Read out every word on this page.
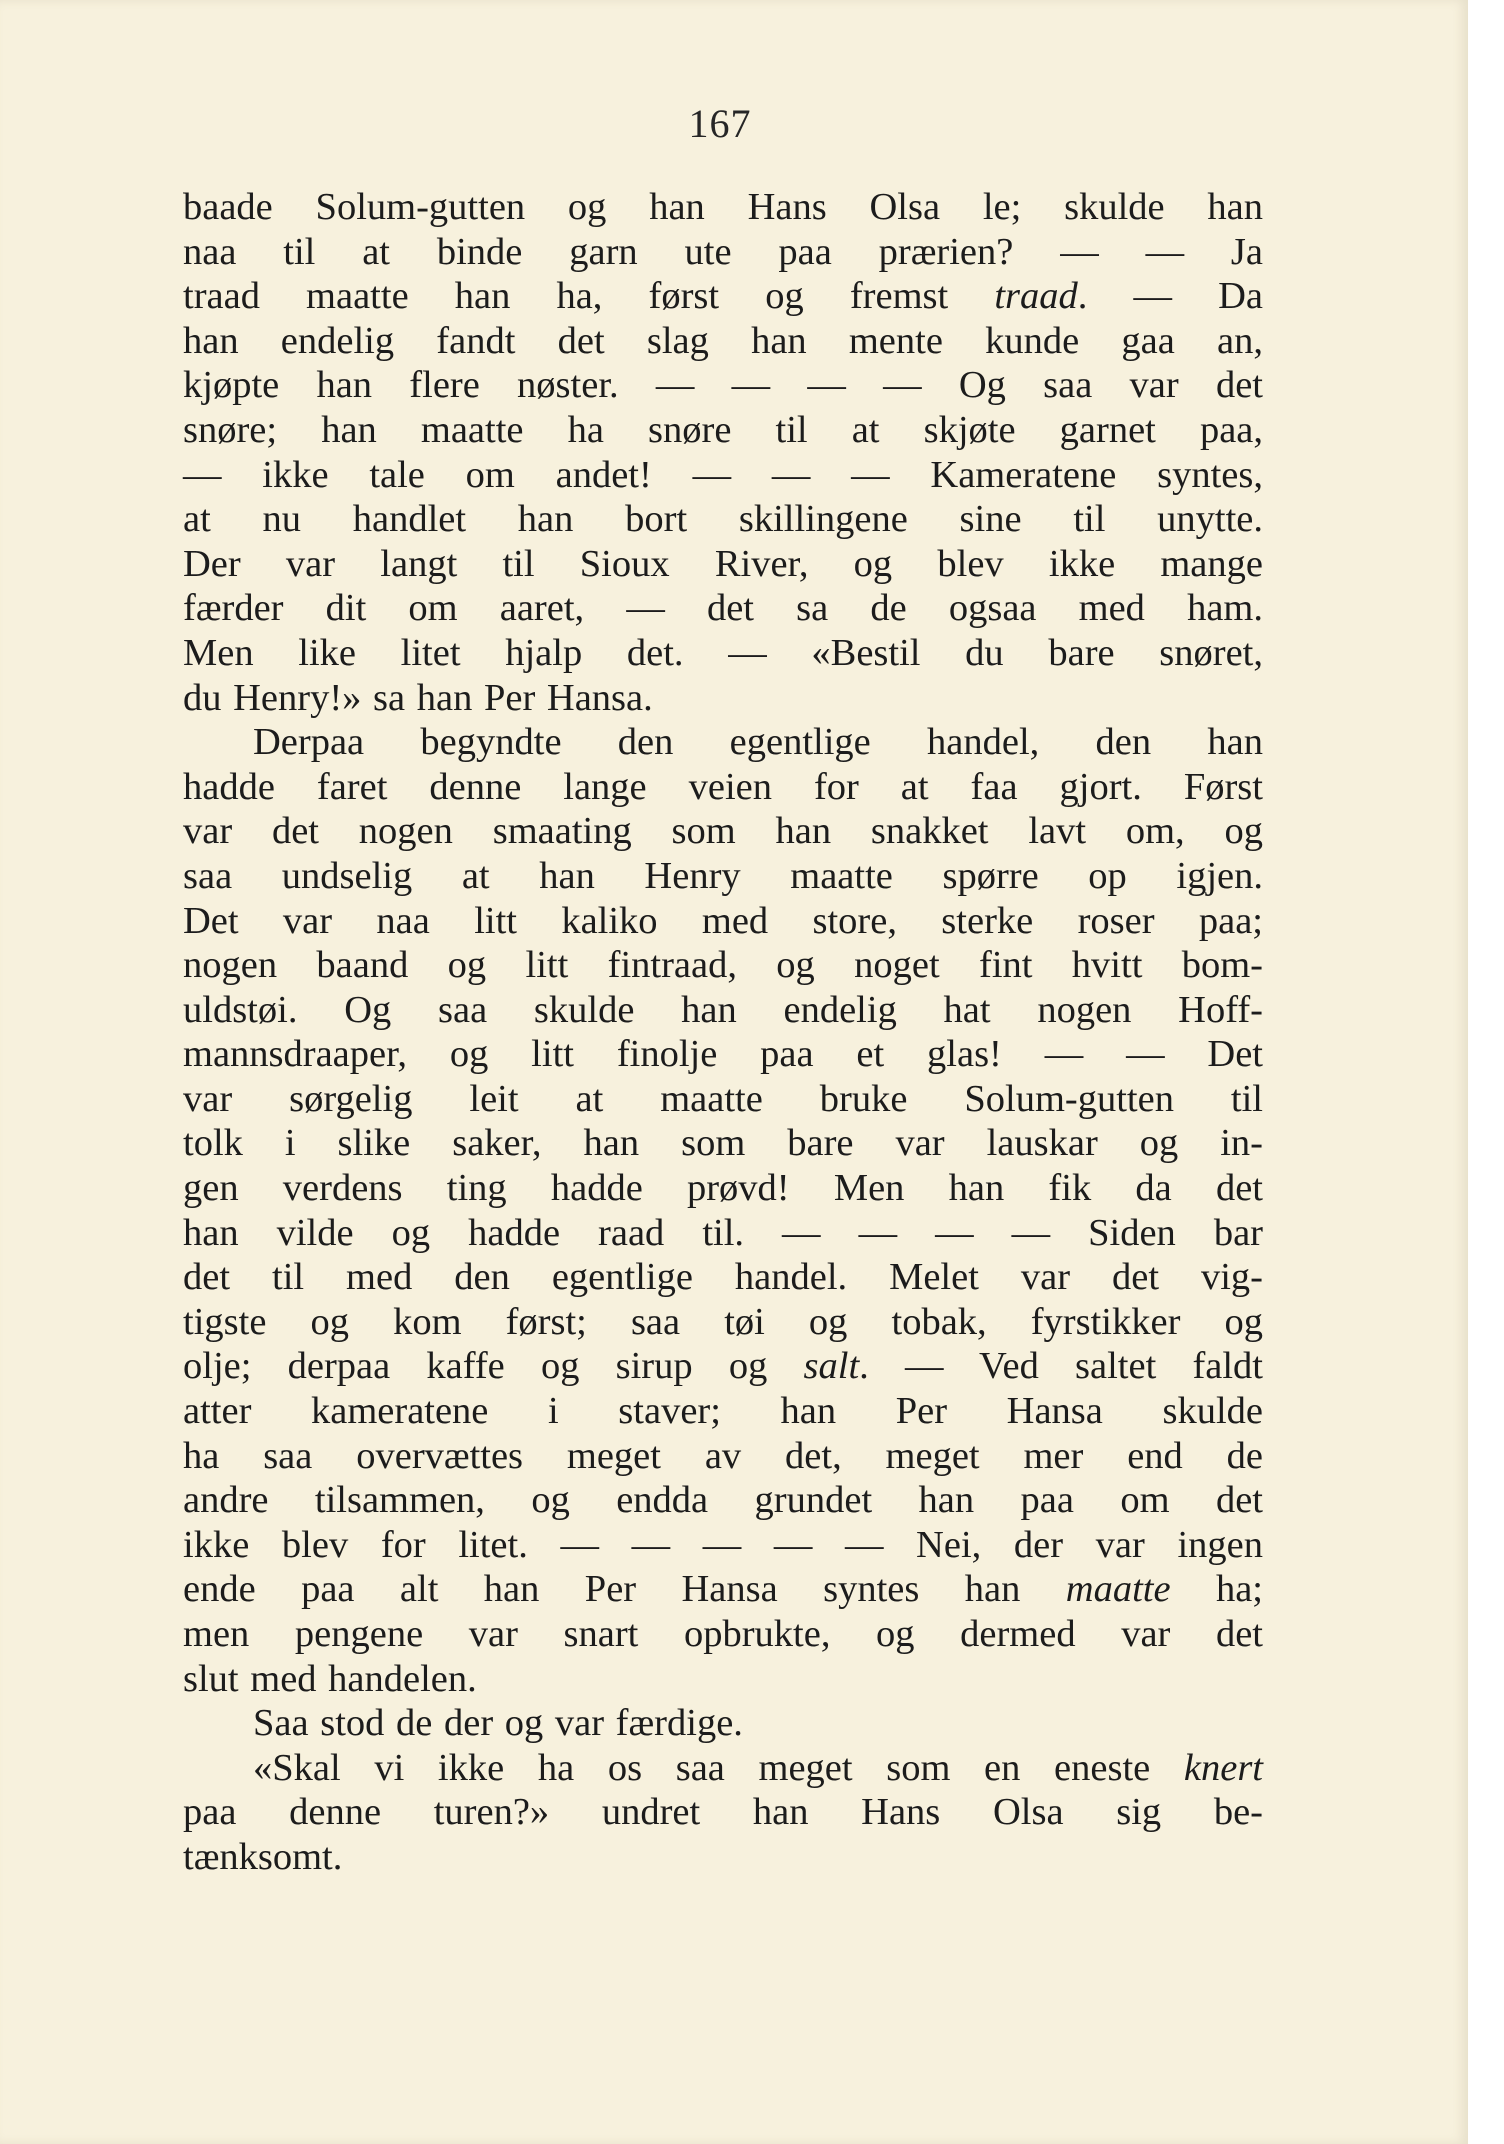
167
baade Solum-gutten og han Hans Olsa le; skulde han
naa til at binde garn ute paa prærien? — — Ja
traad maatte han ha, først og fremst traad. — Da
han endelig fandt det slag han mente kunde gaa an,
kjøpte han flere nøster. — — — — Og saa var det
snøre; han maatte ha snøre til at skjøte garnet paa,
— ikke tale om andet! — — — Kameratene syntes,
at nu handlet han bort skillingene sine til unytte.
Der var langt til Sioux River, og blev ikke mange
færder dit om aaret, — det sa de ogsaa med ham.
Men like litet hjalp det. — «Bestil du bare snøret,
du Henry!» sa han Per Hansa.
Derpaa begyndte den egentlige handel, den han
hadde faret denne lange veien for at faa gjort. Først
var det nogen smaating som han snakket lavt om, og
saa undselig at han Henry maatte spørre op igjen.
Det var naa litt kaliko med store, sterke roser paa;
nogen baand og litt fintraad, og noget fint hvitt bom-
uldstøi. Og saa skulde han endelig hat nogen Hoff-
mannsdraaper, og litt finolje paa et glas! — — Det
var sørgelig leit at maatte bruke Solum-gutten til
tolk i slike saker, han som bare var lauskar og in-
gen verdens ting hadde prøvd! Men han fik da det
han vilde og hadde raad til. — — — — Siden bar
det til med den egentlige handel. Melet var det vig-
tigste og kom først; saa tøi og tobak, fyrstikker og
olje; derpaa kaffe og sirup og salt. — Ved saltet faldt
atter kameratene i staver; han Per Hansa skulde
ha saa overvættes meget av det, meget mer end de
andre tilsammen, og endda grundet han paa om det
ikke blev for litet. — — — — — Nei, der var ingen
ende paa alt han Per Hansa syntes han maatte ha;
men pengene var snart opbrukte, og dermed var det
slut med handelen.
Saa stod de der og var færdige.
«Skal vi ikke ha os saa meget som en eneste knert
paa denne turen?» undret han Hans Olsa sig be-
tænksomt.
